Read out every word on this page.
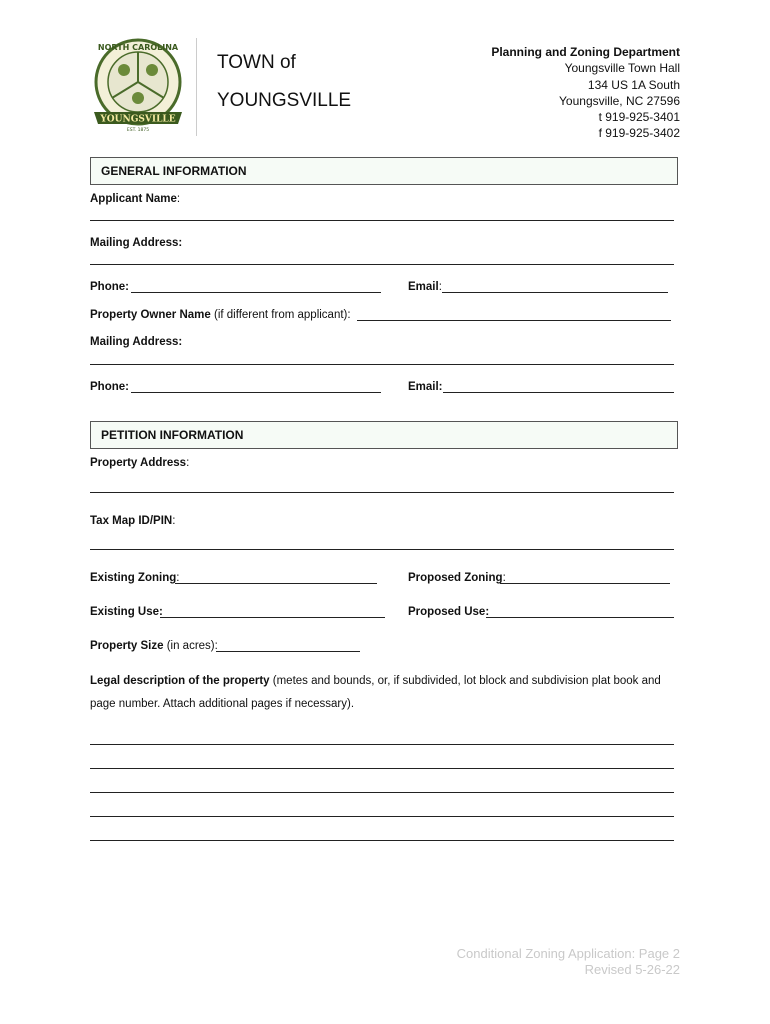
NORTH CAROLINA
YOUNGSVILLE
EST. 1875
TOWN of
YOUNGSVILLE
Planning and Zoning Department
Youngsville Town Hall
134 US 1A South
Youngsville, NC 27596
t 919-925-3401
f 919-925-3402
GENERAL INFORMATION
Applicant Name:
Mailing Address:
Phone:	Email:
Property Owner Name (if different from applicant):
Mailing Address:
Phone:	Email:
PETITION INFORMATION
Property Address:
Tax Map ID/PIN:
Existing Zoning:	Proposed Zoning:
Existing Use:	Proposed Use:
Property Size (in acres):
Legal description of the property (metes and bounds, or, if subdivided, lot block and subdivision plat book and
page number. Attach additional pages if necessary).
Conditional Zoning Application: Page 2
Revised 5-26-22
